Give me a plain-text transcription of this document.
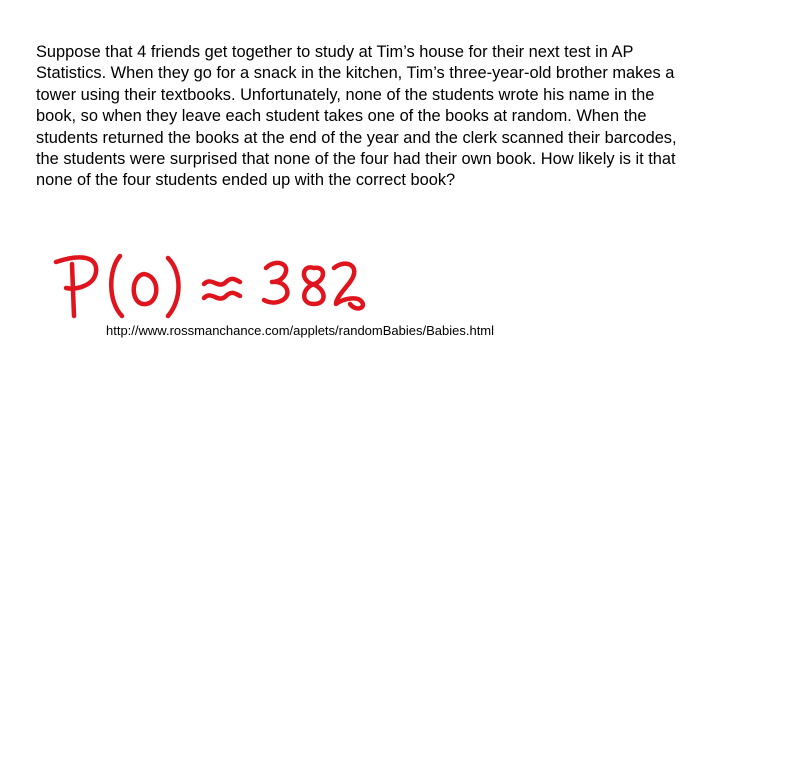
Suppose that 4 friends get together to study at Tim’s house for their next test in AP
Statistics. When they go for a snack in the kitchen, Tim’s three-year-old brother makes a
tower using their textbooks. Unfortunately, none of the students wrote his name in the
book, so when they leave each student takes one of the books at random. When the
students returned the books at the end of the year and the clerk scanned their barcodes,
the students were surprised that none of the four had their own book. How likely is it that
none of the four students ended up with the correct book?
http://www.rossmanchance.com/applets/randomBabies/Babies.html
